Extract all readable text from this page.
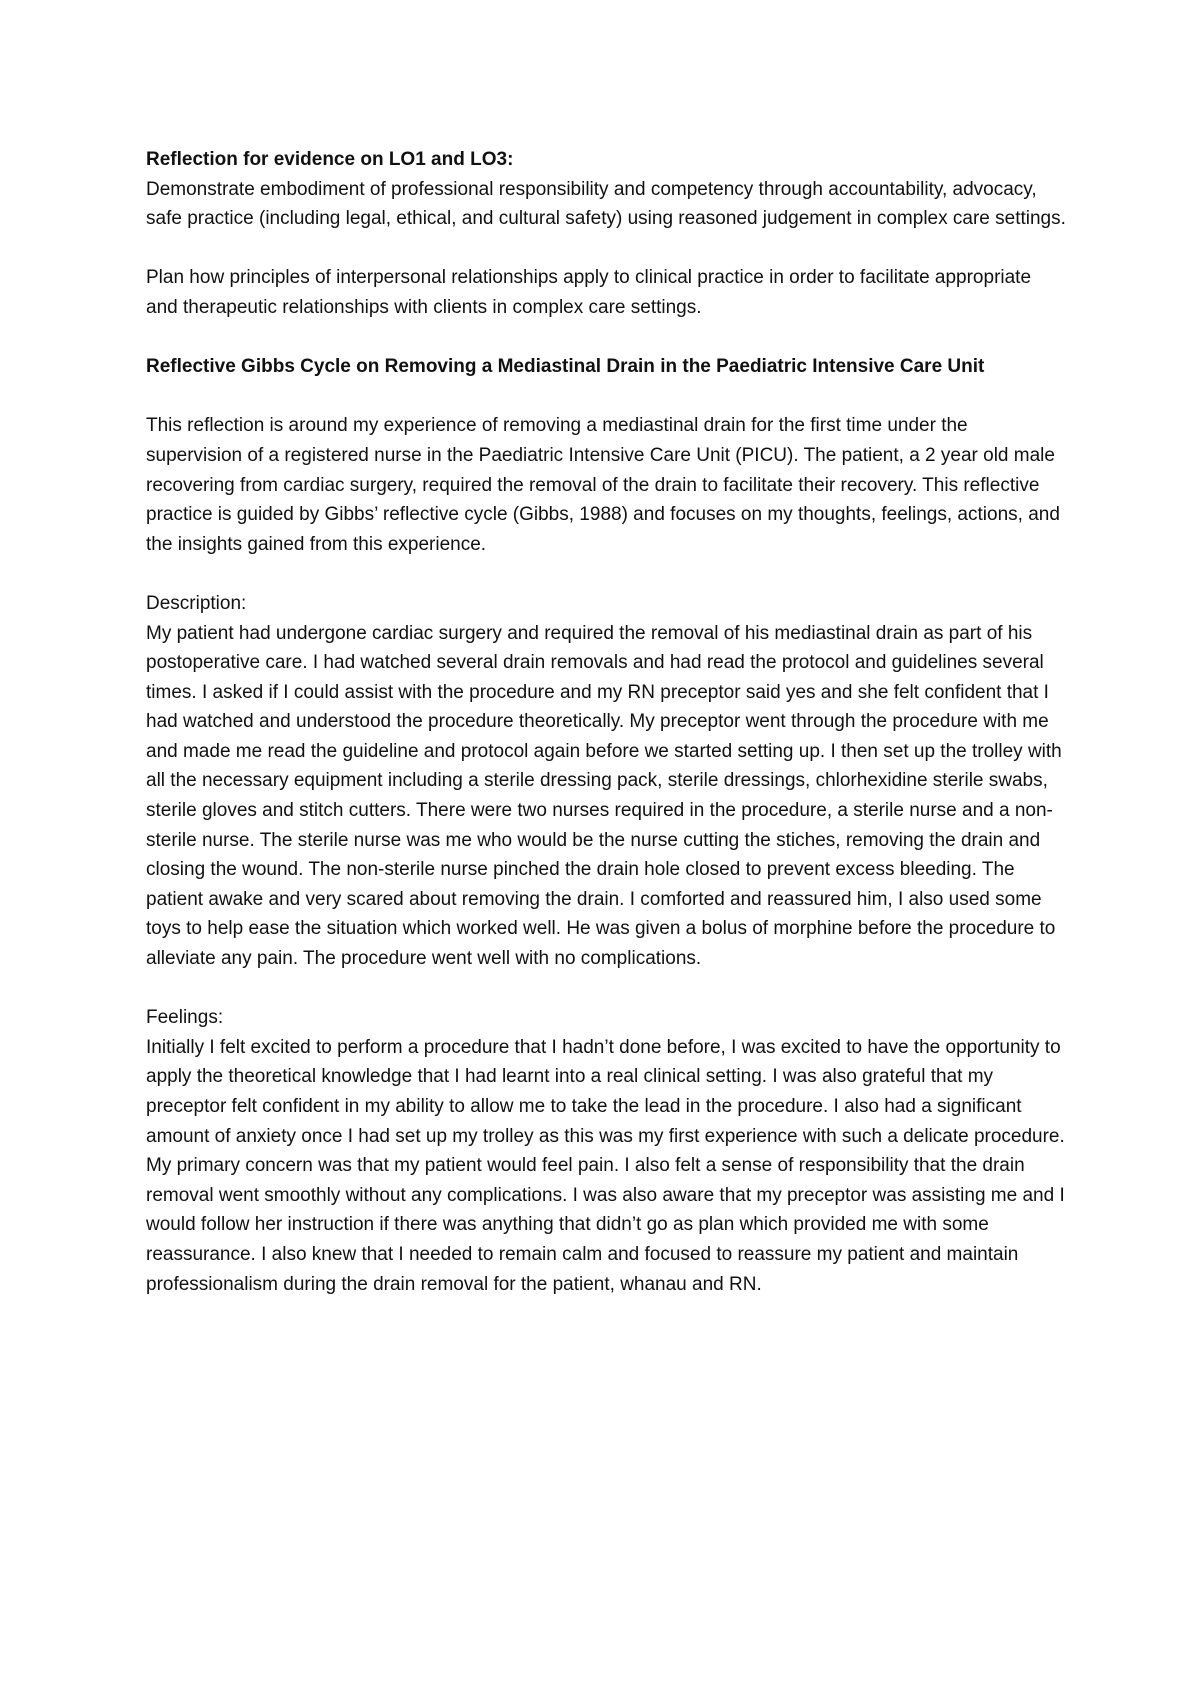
Reflection for evidence on LO1 and LO3:

Demonstrate embodiment of professional responsibility and competency through accountability, advocacy, safe practice (including legal, ethical, and cultural safety) using reasoned judgement in complex care settings.

Plan how principles of interpersonal relationships apply to clinical practice in order to facilitate appropriate and therapeutic relationships with clients in complex care settings.

Reflective Gibbs Cycle on Removing a Mediastinal Drain in the Paediatric Intensive Care Unit

This reflection is around my experience of removing a mediastinal drain for the first time under the supervision of a registered nurse in the Paediatric Intensive Care Unit (PICU). The patient, a 2 year old male recovering from cardiac surgery, required the removal of the drain to facilitate their recovery. This reflective practice is guided by Gibbs’ reflective cycle (Gibbs, 1988) and focuses on my thoughts, feelings, actions, and the insights gained from this experience.

Description:

My patient had undergone cardiac surgery and required the removal of his mediastinal drain as part of his postoperative care. I had watched several drain removals and had read the protocol and guidelines several times. I asked if I could assist with the procedure and my RN preceptor said yes and she felt confident that I had watched and understood the procedure theoretically. My preceptor went through the procedure with me and made me read the guideline and protocol again before we started setting up. I then set up the trolley with all the necessary equipment including a sterile dressing pack, sterile dressings, chlorhexidine sterile swabs, sterile gloves and stitch cutters. There were two nurses required in the procedure, a sterile nurse and a non-sterile nurse. The sterile nurse was me who would be the nurse cutting the stiches, removing the drain and closing the wound. The non-sterile nurse pinched the drain hole closed to prevent excess bleeding. The patient awake and very scared about removing the drain. I comforted and reassured him, I also used some toys to help ease the situation which worked well. He was given a bolus of morphine before the procedure to alleviate any pain. The procedure went well with no complications.

Feelings:

Initially I felt excited to perform a procedure that I hadn’t done before, I was excited to have the opportunity to apply the theoretical knowledge that I had learnt into a real clinical setting. I was also grateful that my preceptor felt confident in my ability to allow me to take the lead in the procedure. I also had a significant amount of anxiety once I had set up my trolley as this was my first experience with such a delicate procedure. My primary concern was that my patient would feel pain. I also felt a sense of responsibility that the drain removal went smoothly without any complications. I was also aware that my preceptor was assisting me and I would follow her instruction if there was anything that didn’t go as plan which provided me with some reassurance. I also knew that I needed to remain calm and focused to reassure my patient and maintain professionalism during the drain removal for the patient, whanau and RN.
